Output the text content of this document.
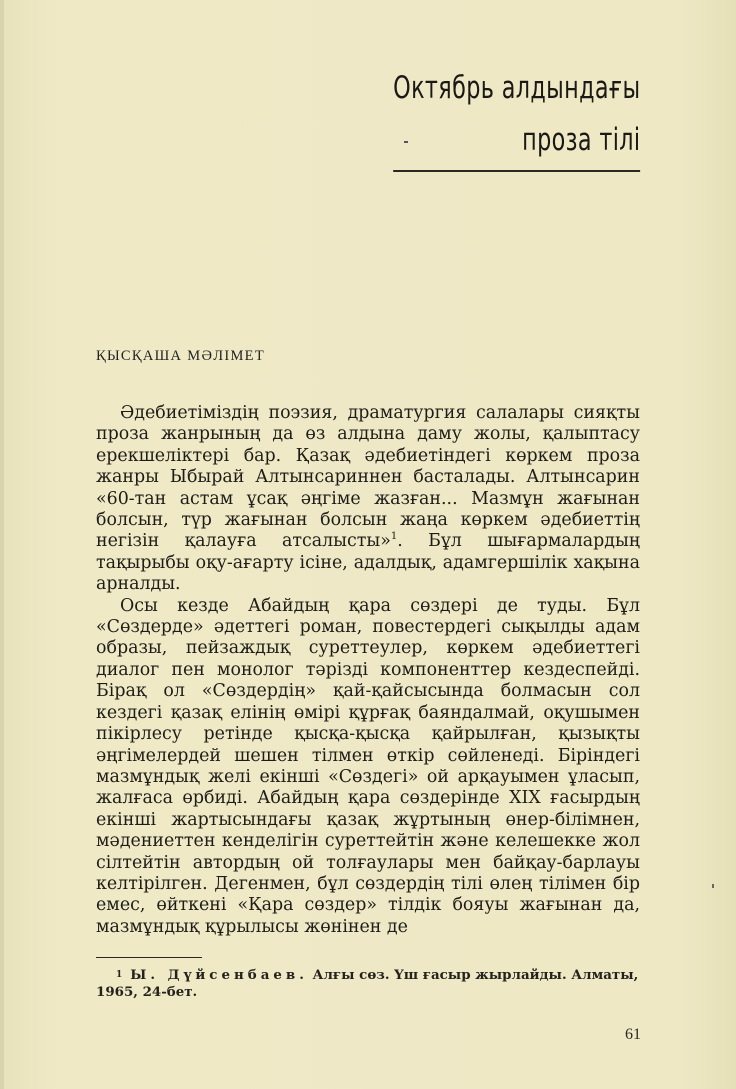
Октябрь алдындағы

проза тілі
ҚЫСҚАША МӘЛІМЕТ

Әдебиетіміздің поэзия, драматургия салалары сияқты проза жанрының да өз алдына даму жолы, қалыптасу ерекшеліктері бар. Қазақ әдебиетіндегі көркем проза жанры Ыбырай Алтынсариннен басталады. Алтынсарин «60-тан астам ұсақ әңгіме жазған... Мазмұн жағынан болсын, түр жағынан болсын жаңа көркем әдебиеттің негізін қалауға атсалысты»$^1$. Бұл шығармалардың тақырыбы оқу-ағарту ісіне, адалдық, адамгершілік хақына арналды.

Осы кезде Абайдың қара сөздері де туды. Бұл «Сөздерде» әдеттегі роман, повестердегі сықылды адам образы, пейзаждық суреттеулер, көркем әдебиеттегі диалог пен монолог тәрізді компоненттер кездеспейді. Бірақ ол «Сөздердің» қай-қайсысында болмасын сол кездегі қазақ елінің өмірі құрғақ баяндалмай, оқушымен пікірлесу ретінде қысқа-қысқа қайрылған, қызықты әңгімелердей шешен тілмен өткір сөйленеді. Біріндегі мазмұндық желі екінші «Сөздегі» ой арқауымен ұласып, жалғаса өрбиді. Абайдың қара сөздерінде XIX ғасырдың екінші жартысындағы қазақ жұртының өнер-білімнен, мәдениеттен кенделігін суреттейтін және келешекке жол сілтейтін автордың ой толғаулары мен байқау-барлауы келтірілген. Дегенмен, бұл сөздердің тілі өлең тілімен бір емес, өйткені «Қара сөздер» тілдік бояуы жағынан да, мазмұндық құрылысы жөнінен де

$^1$ Ы. Дүйсенбаев. Алғы сөз. Үш ғасыр жырлайды. Алматы, 1965, 24-бет.
61
